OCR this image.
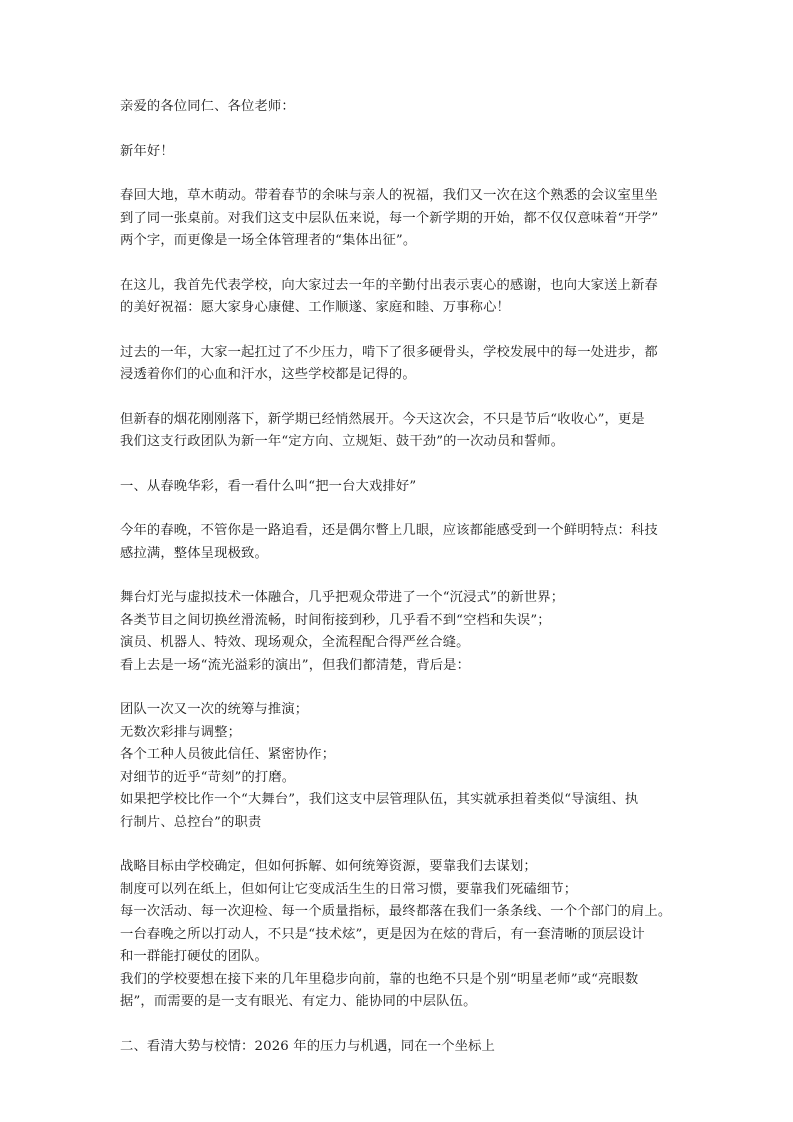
亲爱的各位同仁、各位老师：

新年好！

春回大地，草木萌动。带着春节的余味与亲人的祝福，我们又一次在这个熟悉的会议室里坐
到了同一张桌前。对我们这支中层队伍来说，每一个新学期的开始，都不仅仅意味着“开学”
两个字，而更像是一场全体管理者的“集体出征”。

在这儿，我首先代表学校，向大家过去一年的辛勤付出表示衷心的感谢，也向大家送上新春
的美好祝福：愿大家身心康健、工作顺遂、家庭和睦、万事称心！

过去的一年，大家一起扛过了不少压力，啃下了很多硬骨头，学校发展中的每一处进步，都
浸透着你们的心血和汗水，这些学校都是记得的。

但新春的烟花刚刚落下，新学期已经悄然展开。今天这次会，不只是节后“收收心”，更是
我们这支行政团队为新一年“定方向、立规矩、鼓干劲”的一次动员和誓师。

一、从春晚华彩，看一看什么叫“把一台大戏排好”

今年的春晚，不管你是一路追看，还是偶尔瞥上几眼，应该都能感受到一个鲜明特点：科技
感拉满，整体呈现极致。

舞台灯光与虚拟技术一体融合，几乎把观众带进了一个“沉浸式”的新世界；
各类节目之间切换丝滑流畅，时间衔接到秒，几乎看不到“空档和失误”；
演员、机器人、特效、现场观众，全流程配合得严丝合缝。
看上去是一场“流光溢彩的演出”，但我们都清楚，背后是：

团队一次又一次的统筹与推演；
无数次彩排与调整；
各个工种人员彼此信任、紧密协作；
对细节的近乎“苛刻”的打磨。
如果把学校比作一个“大舞台”，我们这支中层管理队伍，其实就承担着类似“导演组、执
行制片、总控台”的职责

战略目标由学校确定，但如何拆解、如何统筹资源，要靠我们去谋划；
制度可以列在纸上，但如何让它变成活生生的日常习惯，要靠我们死磕细节；
每一次活动、每一次迎检、每一个质量指标，最终都落在我们一条条线、一个个部门的肩上。
一台春晚之所以打动人，不只是“技术炫”，更是因为在炫的背后，有一套清晰的顶层设计
和一群能打硬仗的团队。
我们的学校要想在接下来的几年里稳步向前，靠的也绝不只是个别“明星老师”或“亮眼数
据”，而需要的是一支有眼光、有定力、能协同的中层队伍。

二、看清大势与校情：2026 年的压力与机遇，同在一个坐标上
